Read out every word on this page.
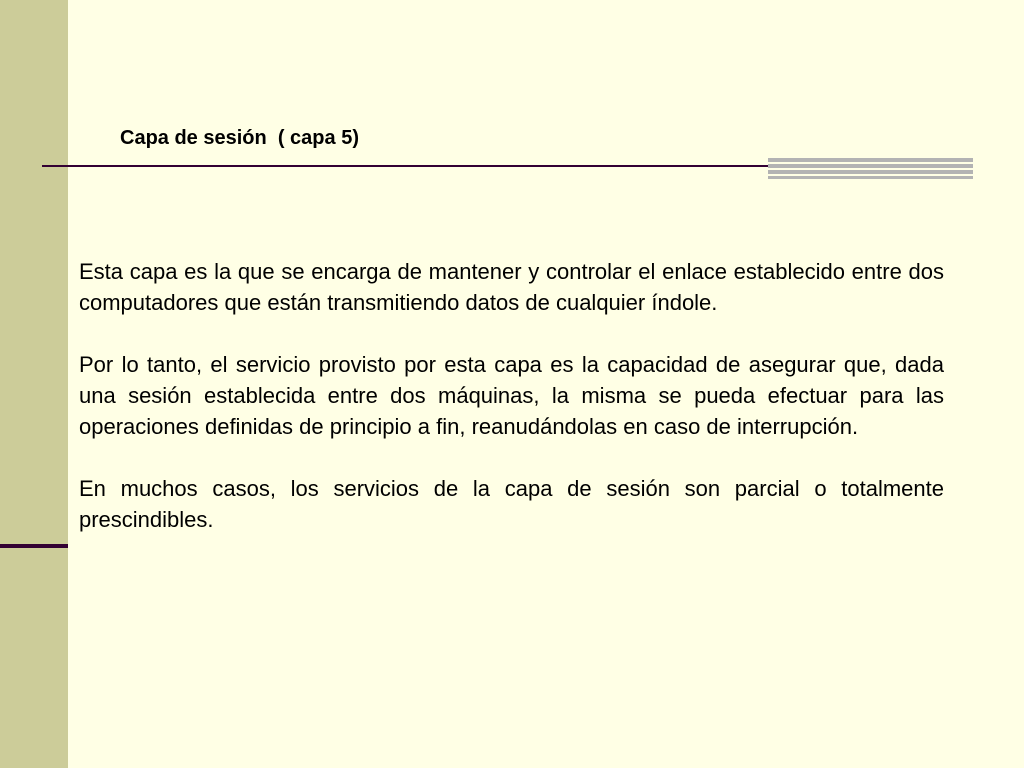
Capa de sesión  ( capa 5)

Esta capa es la que se encarga de mantener y controlar el enlace establecido entre dos computadores que están transmitiendo datos de cualquier índole.

Por lo tanto, el servicio provisto por esta capa es la capacidad de asegurar que, dada una sesión establecida entre dos máquinas, la misma se pueda efectuar para las operaciones definidas de principio a fin, reanudándolas en caso de interrupción.

En muchos casos, los servicios de la capa de sesión son parcial o totalmente prescindibles.
